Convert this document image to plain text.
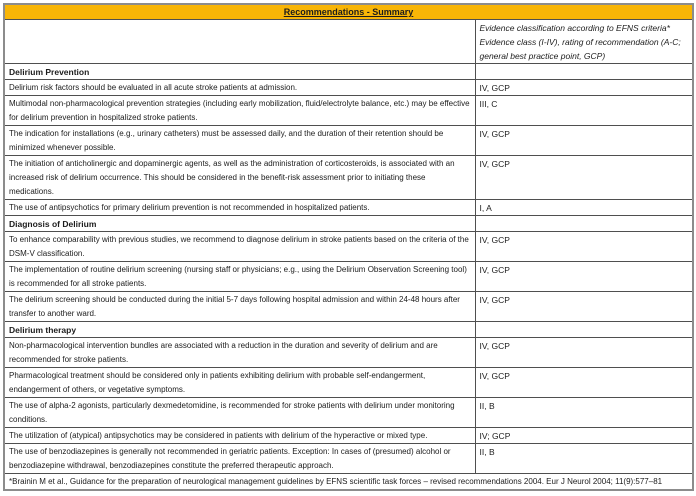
Recommendations - Summary	

	Evidence classification according to EFNS criteria*
Evidence class (I-IV), rating of recommendation (A-C;
general best practice point, GCP)

Delirium Prevention	
Delirium risk factors should be evaluated in all acute stroke patients at admission.	IV, GCP
Multimodal non-pharmacological prevention strategies (including early mobilization, fluid/electrolyte balance, etc.) may be effective for delirium prevention in hospitalized stroke patients.	III, C
The indication for installations (e.g., urinary catheters) must be assessed daily, and the duration of their retention should be minimized whenever possible.	IV, GCP
The initiation of anticholinergic and dopaminergic agents, as well as the administration of corticosteroids, is associated with an increased risk of delirium occurrence. This should be considered in the benefit-risk assessment prior to initiating these medications.	IV, GCP
The use of antipsychotics for primary delirium prevention is not recommended in hospitalized patients.	I, A
Diagnosis of Delirium	
To enhance comparability with previous studies, we recommend to diagnose delirium in stroke patients based on the criteria of the DSM-V classification.	IV, GCP
The implementation of routine delirium screening (nursing staff or physicians; e.g., using the Delirium Observation Screening tool) is recommended for all stroke patients.	IV, GCP
The delirium screening should be conducted during the initial 5-7 days following hospital admission and within 24-48 hours after transfer to another ward.	IV, GCP
Delirium therapy	
Non-pharmacological intervention bundles are associated with a reduction in the duration and severity of delirium and are recommended for stroke patients.	IV, GCP
Pharmacological treatment should be considered only in patients exhibiting delirium with probable self-endangerment, endangerment of others, or vegetative symptoms.	IV, GCP
The use of alpha-2 agonists, particularly dexmedetomidine, is recommended for stroke patients with delirium under monitoring conditions.	II, B
The utilization of (atypical) antipsychotics may be considered in patients with delirium of the hyperactive or mixed type.	IV; GCP
The use of benzodiazepines is generally not recommended in geriatric patients. Exception: In cases of (presumed) alcohol or benzodiazepine withdrawal, benzodiazepines constitute the preferred therapeutic approach.	II, B
*Brainin M et al., Guidance for the preparation of neurological management guidelines by EFNS scientific task forces – revised recommendations 2004. Eur J Neurol 2004; 11(9):577–81	
